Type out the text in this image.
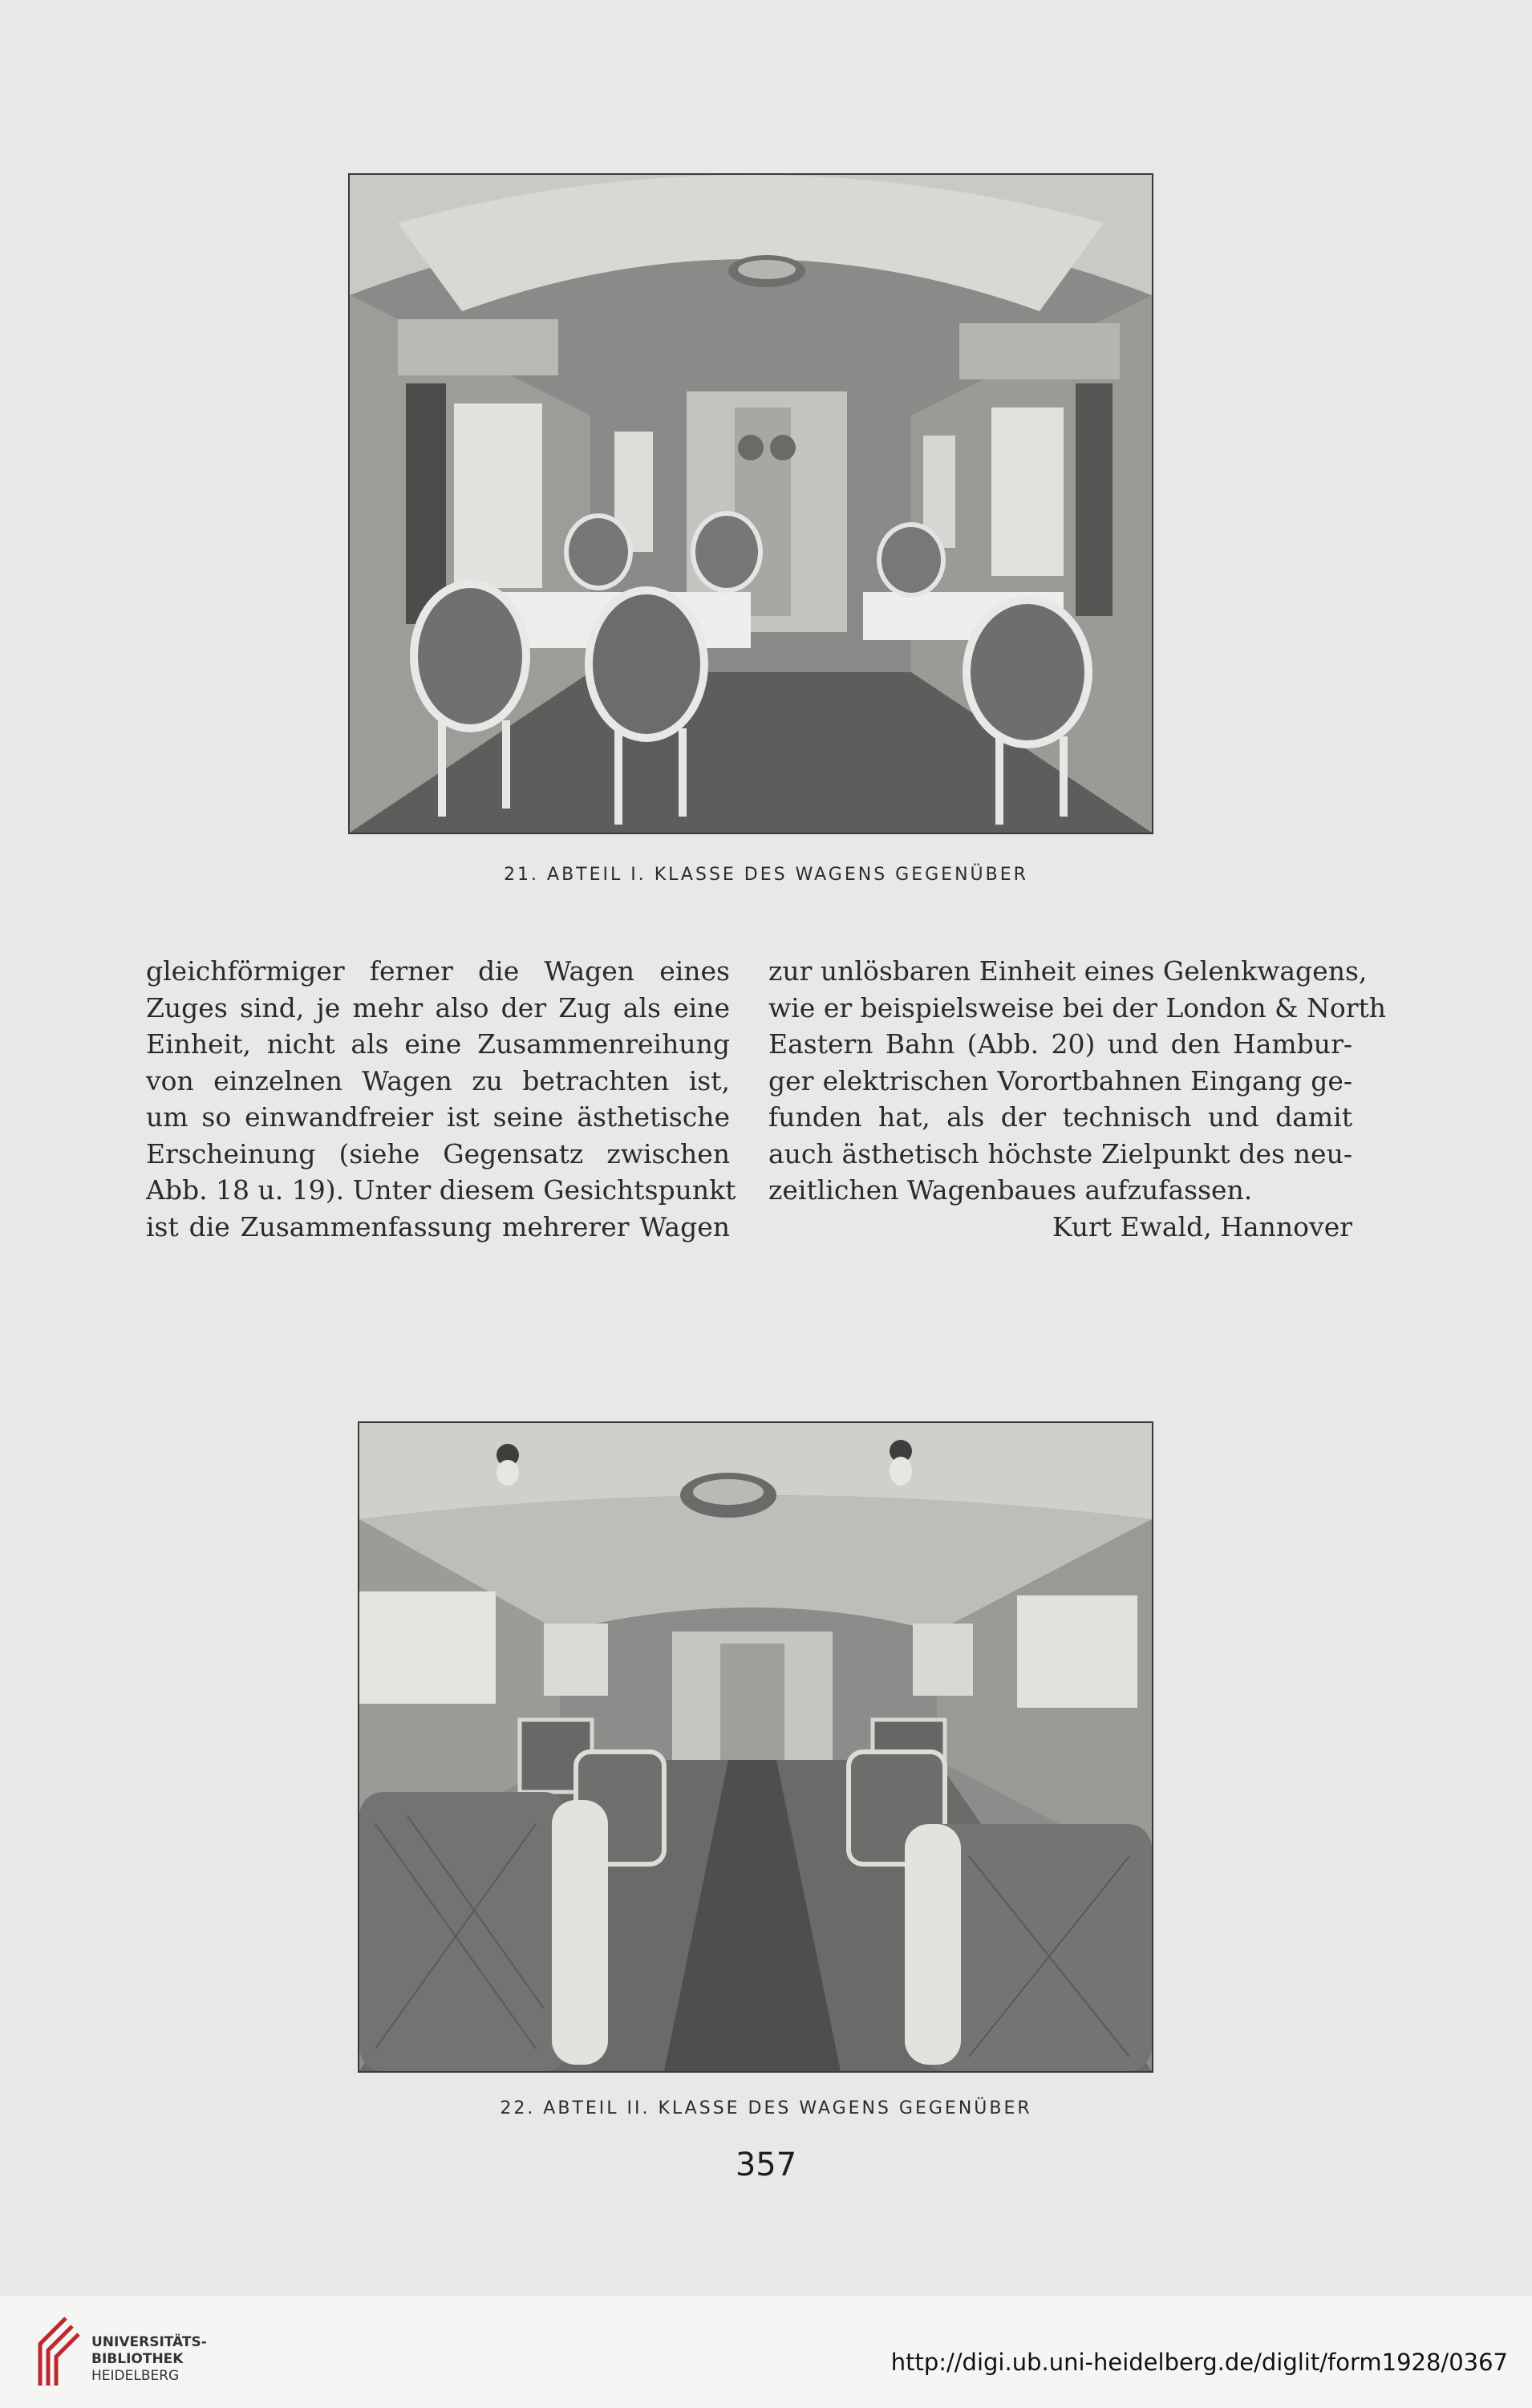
21. ABTEIL I. KLASSE DES WAGENS GEGENÜBER
gleichförmiger ferner die Wagen eines
Zuges sind, je mehr also der Zug als eine
Einheit, nicht als eine Zusammenreihung
von einzelnen Wagen zu betrachten ist,
um so einwandfreier ist seine ästhetische
Erscheinung (siehe Gegensatz zwischen
Abb. 18 u. 19). Unter diesem Gesichtspunkt
ist die Zusammenfassung mehrerer Wagen
zur unlösbaren Einheit eines Gelenkwagens,
wie er beispielsweise bei der London & North
Eastern Bahn (Abb. 20) und den Hambur-
ger elektrischen Vorortbahnen Eingang ge-
funden hat, als der technisch und damit
auch ästhetisch höchste Zielpunkt des neu-
zeitlichen Wagenbaues aufzufassen.
Kurt Ewald, Hannover
22. ABTEIL II. KLASSE DES WAGENS GEGENÜBER
357
UNIVERSITÄTS-
BIBLIOTHEK
HEIDELBERG	http://digi.ub.uni-heidelberg.de/diglit/form1928/0367
